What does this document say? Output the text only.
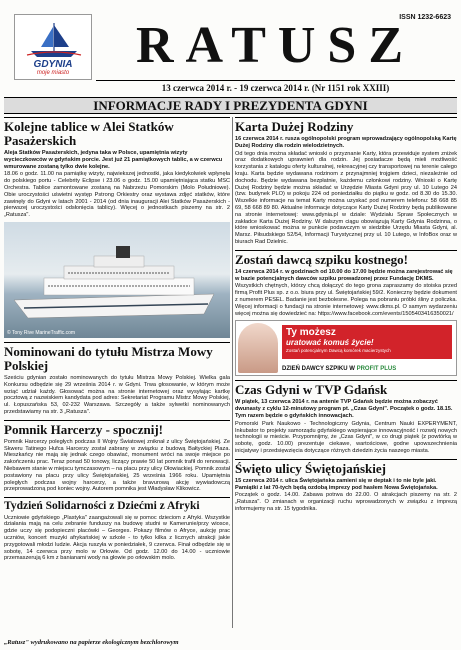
GDYNIA
moje miasto
ISSN 1232-6623
RATUSZ
13 czerwca 2014 r. - 19 czerwca 2014 r. (Nr 1151 rok XXIII)
INFORMACJE RADY I PREZYDENTA GDYNI
Kolejne tablice w Alei Statków Pasażerskich
Aleja Statków Pasażerskich, jedyna taka w Polsce, upamiętnia wizyty wycieczkowców w gdyńskim porcie. Jest już 21 pamiątkowych tablic, a w czerwcu wmurowane zostaną tylko dwie kolejne.
18.06 o godz. 11.00 na pamiątkę wizyty, najwiekszej jednostki, jaka kiedykolwiek wpłynęła do polskiego portu - Celebrity Eclipse i 23.06 o godz. 15.00 upamiętniająca statku MSC Orchestra. Tablice zamontowane zostaną na Nabrzeżu Pomorskim (Molo Południowe). Obie uroczystości uświetni występ Pstrong Orkiestry oraz wystawa zdjęć statków, które zawinęły do Gdyni w latach 2001 - 2014 (od dnia inauguracji Alei Statków Pasażerskich - pierwszej uroczystości odsłonięcia tablicy). Więcej o jednostkach piszemy na str. 2 „Ratusza".
© Tony Rive MarineTraffic.com
Nominowani do tytułu Mistrza Mowy Polskiej
Sześciu gdynian zostało nominowanych do tytułu Mistrza Mowy Polskiej. Wielka gala Konkursu odbędzie się 29 września 2014 r. w Gdyni. Trwa głosowanie, w którym może wziąć udział każdy. Głosować można na stronie internetowej oraz wysyłając kartkę pocztową z nazwiskiem kandydata pod adres: Sekretariat Programu Mistrz Mowy Polskiej, ul. Łopuszańska 53, 02-232 Warszawa. Szczegóły a także sylwetki nominowanych przedstawiamy na str. 3 „Ratusza".
Pomnik Harcerzy - spocznij!
Pomnik Harcerzy poległych podczas II Wojny Światowej zniknał z ulicy Świętojańskiej. Ze Skweru Tatinego Hufca Harcerzy został zabrany w związku z budową Bałtyckiej Plaza. Mieszkańcy nie mają się jednak czego obawiać, monument wróci na swoje miejsce po zakończeniu prac. Teraz ponad 50 tonowy, liczący prawie 50 lat pomnik trafił do renowacji. Niebawem stanie w miejscu tymczasowym – na placu przy ulicy Ołowiackiej. Pomnik został postawiony na placu przy ulicy Świętojańskiej, 25 września 1966 roku. Upamiętnia poległych podczas wojny harcerzy, a także bravurową akcję wywiadowczą przeprowadzoną pod koniec wojny. Autorem pomnika jest Władysław Klikowicz.
Tydzień Solidarności z Dziećmi z Afryki
Uczniowie gdyńskiego „Plastyka" zaangażowali się w pomoc dzieciom z Afryki. Wszystkie działania mają na celu zebranie funduszy na budowę studni w Kamerunie/przy wiosce, gdzie uczy się podopieczni placówki – Georges. Pokazy filmów o Afryce, aukcję prac uczniów, koncert muzyki afrykańskiej w szkole - to tylko kilka z licznych atrakcji jakie przygotowali młodzi ludzie. Akcja ruszyła w poniedziałek, 9 czerwca. Finał odbędzie się w sobotę, 14 czerwca przy molo w Orłowie. Od godz. 12.00 do 14.00 - uczniowie przemaszerują 6 km z banianami wody na głowie po orłowskim molo.
Karta Dużej Rodziny
16 czerwca 2014 r. rusza ogólnopolski program wprowadzający ogólnopolską Kartę Dużej Rodziny dla rodzin wielodzietnych.
Od tego dnia można składać wnioski o przyznanie Karty, która przewiduje system zniżek oraz dodatkowych uprawnień dla rodzin. Jej posiadacze będą mieli możliwość korzystania z katalogu oferty kulturalnej, rekreacyjnej czy transportowej na terenie całego kraju. Karta będzie wydawana rodzinom z przynajmniej trojgiem dzieci, niezależnie od dochodu. Będzie wydawana bezpłatnie, każdemu członkowi rodziny. Wnioski o Kartę Dużej Rodziny będzie można składać w Urzędzie Miasta Gdyni przy ul. 10 Lutego 24 (tzw. budynek PLO) w pokoju 224 od poniedziałku do piątku w godz. od 8.30 do 15.30. Wszelkie informacje na temat Karty można uzyskać pod numerem telefonu: 58 668 85 69, 58 668 89 80. Aktualne informacje dotyczące Karty Dużej Rodziny będą publikowane na stronie internetowej: www.gdynia.pl w dziale: Wydziału Spraw Społecznych w zakładce Karta Dużej Rodziny. W dalszym ciągu obowiązują Karty Gdynia Rodzinna, o które wnioskować można w punkcie podawczym w siedzibie Urzędu Miasta Gdyni, al. Marsz. Piłsudskiego 52/54, Informacji Turystycznej przy ul. 10 Lutego, w InfoBox oraz w biurach Rad Dzielnic.
Zostań dawcą szpiku kostnego!
14 czerwca 2014 r. w godzinach od 10.00 do 17.00 będzie można zarejestrować się w bazie potencjalnych dawców szpiku prowadzonej przez Fundację DKMS.
Wszystkich chętnych, którzy chcą dołączyć do tego grona zapraszamy do stoiska przed firmą Profit Plus sp. z o.o. biura przy ul. Świętojańskiej 59/2. Konieczny będzie dokument z numerem PESEL. Badanie jest bezbolesne. Polega na pobraniu próbki śliny z policzka. Więcej informacji o fundacji na stronie internetowej: www.dkms.pl. O samym wydarzeniu więcej można się dowiedzieć na: https://www.facebook.com/events/1505403416350021/
Ty możesz
uratować komuś życie!
Zostań potencjalnym Dawcą komórek macierzystych
DZIEŃ DAWCY SZPIKU W PROFIT PLUS
Czas Gdyni w TVP Gdańsk
W piątek, 13 czerwca 2014 r. na antenie TVP Gdańsk będzie można zobaczyć dwunasty z cyklu 12-minutowy program pt. „Czas Gdyni". Początek o godz. 18.15. Tym razem będzie o gdyńskich innowacjach.
Pomorski Park Naukowo - Technologiczny Gdynia, Centrum Nauki EXPERYMENT, Inkubator to projekty samorządu gdyńskiego wspierające innowacyjność i rozwój nowych technologii w mieście. Przypomnijmy, że „Czas Gdyni", w co drugi piątek (z powtórką w sobotę, godz. 10.00) prezentuje ciekawe, wartościowe, godne upowszechnienia inicjatywy i przedsięwzięcia dotyczące różnych dziedzin życia naszego miasta.
Święto ulicy Świętojańskiej
15 czerwca 2014 r. ulica Świętojańska zamieni się w deptak i to nie byle jaki. Pamiątki z lat 70-tych będą ozdobą imprezy pod hasłem Nowa Świętojańska.
Początek o godz. 14.00. Zabawa potrwa do 22.00. O atrakcjach piszemy na str. 2 „Ratusza". O zmianach w organizacji ruchu wprowadzonych w związku z imprezą informujemy na str. 15 tygodnika.
„Ratusz" wydrukowano na papierze ekologicznym bezchlorowym
